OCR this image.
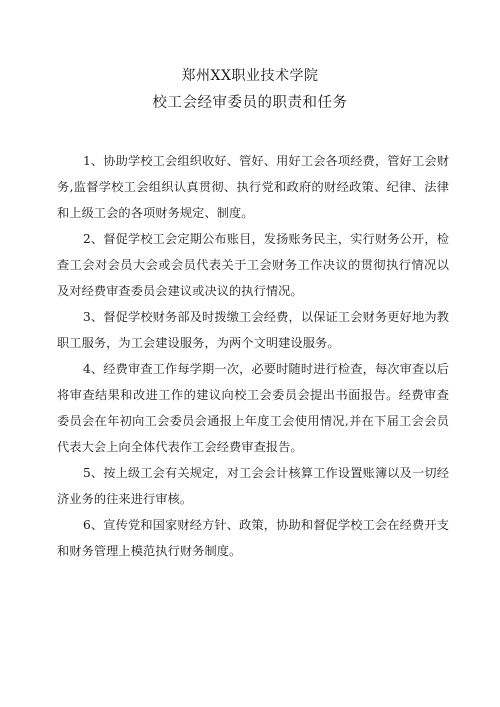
郑州XX职业技术学院
校工会经审委员的职责和任务

1、协助学校工会组织收好、管好、用好工会各项经费，管好工会财务,监督学校工会组织认真贯彻、执行党和政府的财经政策、纪律、法律和上级工会的各项财务规定、制度。

2、督促学校工会定期公布账目，发扬账务民主，实行财务公开，检查工会对会员大会或会员代表关于工会财务工作决议的贯彻执行情况以及对经费审查委员会建议或决议的执行情况。

3、督促学校财务部及时拨缴工会经费，以保证工会财务更好地为教职工服务，为工会建设服务，为两个文明建设服务。

4、经费审查工作每学期一次，必要时随时进行检查，每次审查以后将审查结果和改进工作的建议向校工会委员会提出书面报告。经费审查委员会在年初向工会委员会通报上年度工会使用情况,并在下届工会会员代表大会上向全体代表作工会经费审查报告。

5、按上级工会有关规定，对工会会计核算工作设置账簿以及一切经济业务的往来进行审核。

6、宣传党和国家财经方针、政策，协助和督促学校工会在经费开支和财务管理上模范执行财务制度。
